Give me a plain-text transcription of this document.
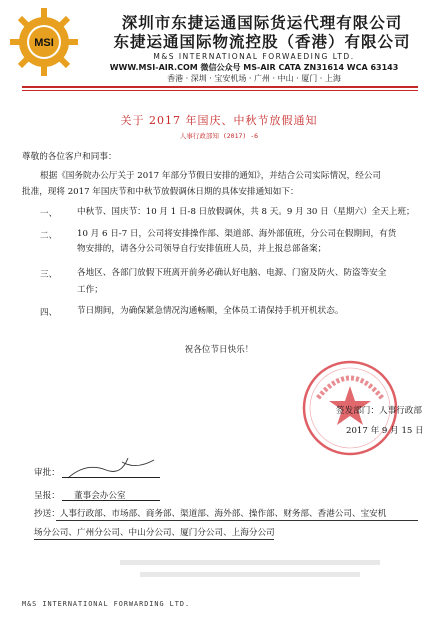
MSI
深圳市东捷运通国际货运代理有限公司
东捷运通国际物流控股（香港）有限公司
M&S INTERNATIONAL FORWAEDING LTD.
WWW.MSI-AIR.COM 微信公众号 MS-AIR CATA ZN31614 WCA 63143
香港 · 深圳 · 宝安机场 · 广州 · 中山 · 厦门 · 上海
关于 2017 年国庆、中秋节放假通知
人事行政部知 (2017) -6
尊敬的各位客户和同事：
根据《国务院办公厅关于 2017 年部分节假日安排的通知》，并结合公司实际情况，经公司
批准，现将 2017 年国庆节和中秋节放假调休日期的具体安排通知如下：
一、 中秋节、国庆节：10 月 1 日-8 日放假调休，共 8 天。9 月 30 日（星期六）全天上班；
二、 10 月 6 日-7 日，公司将安排操作部、渠道部、海外部值班，分公司在假期间，有货
物安排的，请各分公司领导自行安排值班人员，并上报总部备案；
三、 各地区、各部门放假下班离开前务必确认好电脑、电源、门窗及防火、防盗等安全
工作；
四、 节日期间，为确保紧急情况沟通畅顺，全体员工请保持手机开机状态。
祝各位节日快乐！
签发部门：人事行政部
2017 年 9 月 15 日
审批：
呈报： 董事会办公室
抄送：人事行政部、市场部、商务部、渠道部、海外部、操作部、财务部、香港公司、宝安机
场分公司、广州分公司、中山分公司、厦门分公司、上海分公司
M&S INTERNATIONAL FORWARDING LTD.
